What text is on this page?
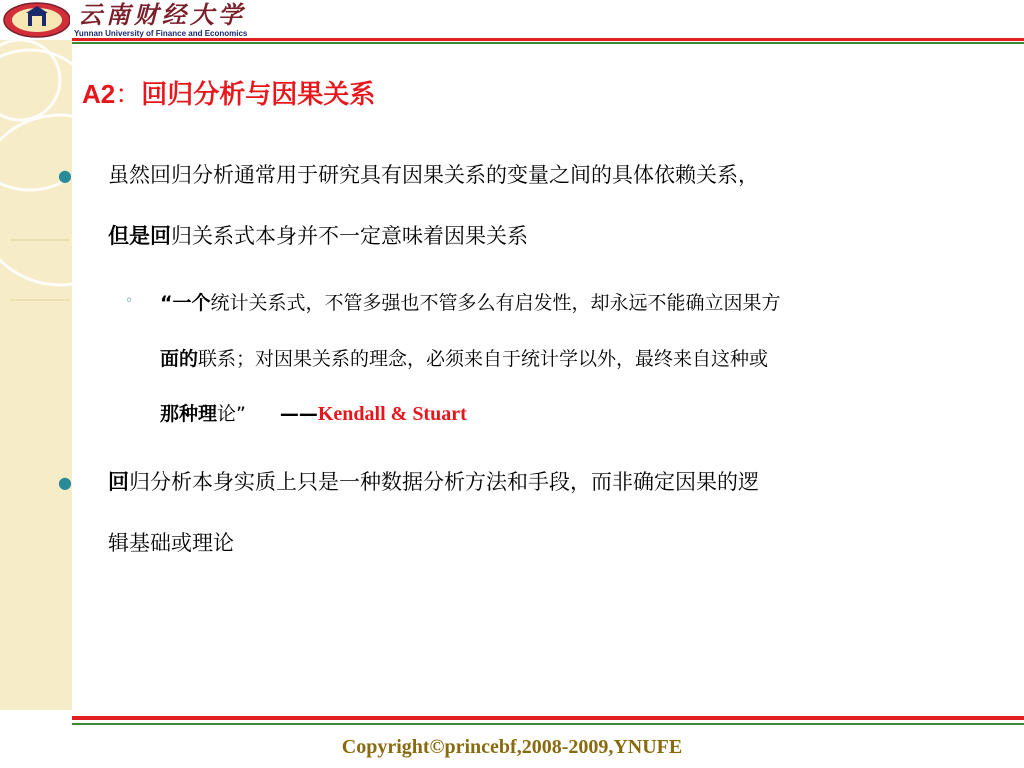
云南财经大学
Yunnan University of Finance and Economics
A2：回归分析与因果关系
● 虽然回归分析通常用于研究具有因果关系的变量之间的具体依赖关系，
但是回归关系式本身并不一定意味着因果关系
◦ “一个统计关系式，不管多强也不管多么有启发性，却永远不能确立因果方
面的联系；对因果关系的理念，必须来自于统计学以外，最终来自这种或
那种理论” ——Kendall & Stuart
● 回归分析本身实质上只是一种数据分析方法和手段，而非确定因果的逻
辑基础或理论
Copyright©princebf,2008-2009,YNUFE
